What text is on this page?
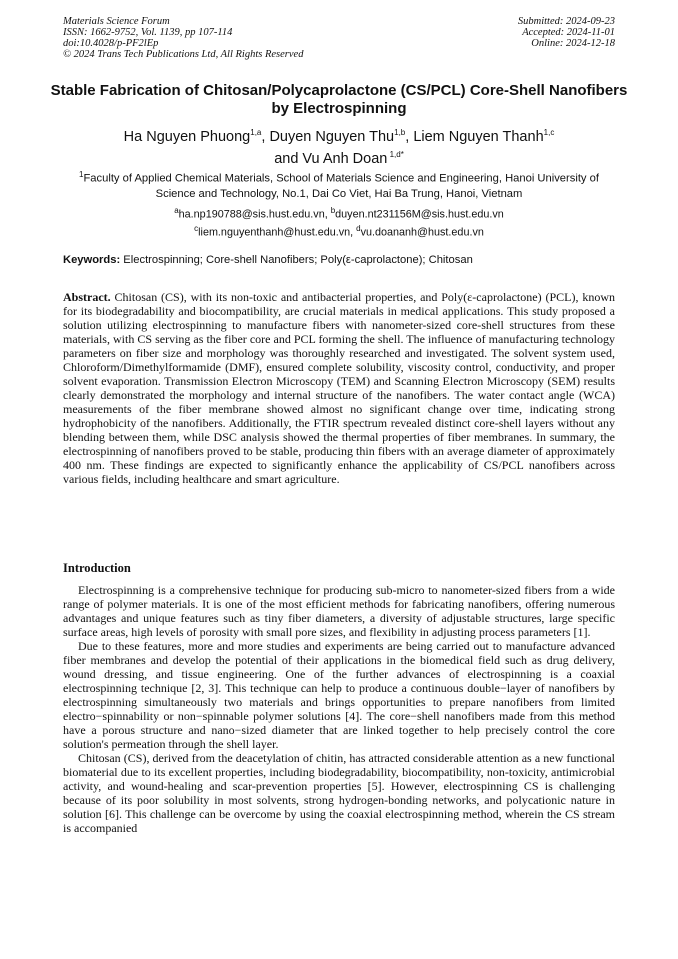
Materials Science Forum
ISSN: 1662-9752, Vol. 1139, pp 107-114
doi:10.4028/p-PF2lEp
© 2024 Trans Tech Publications Ltd, All Rights Reserved
Submitted: 2024-09-23
Accepted: 2024-11-01
Online: 2024-12-18
Stable Fabrication of Chitosan/Polycaprolactone (CS/PCL) Core-Shell Nanofibers by Electrospinning
Ha Nguyen Phuong$^{1,a}$, Duyen Nguyen Thu$^{1,b}$, Liem Nguyen Thanh$^{1,c}$
and Vu Anh Doan $^{1,d*}$
$^1$Faculty of Applied Chemical Materials, School of Materials Science and Engineering, Hanoi University of Science and Technology, No.1, Dai Co Viet, Hai Ba Trung, Hanoi, Vietnam
$^a$ha.np190788@sis.hust.edu.vn, $^b$duyen.nt231156M@sis.hust.edu.vn
$^c$liem.nguyenthanh@hust.edu.vn, $^d$vu.doananh@hust.edu.vn
Keywords: Electrospinning; Core-shell Nanofibers; Poly(ε-caprolactone); Chitosan
Abstract. Chitosan (CS), with its non-toxic and antibacterial properties, and Poly(ε-caprolactone) (PCL), known for its biodegradability and biocompatibility, are crucial materials in medical applications. This study proposed a solution utilizing electrospinning to manufacture fibers with nanometer-sized core-shell structures from these materials, with CS serving as the fiber core and PCL forming the shell. The influence of manufacturing technology parameters on fiber size and morphology was thoroughly researched and investigated. The solvent system used, Chloroform/Dimethylformamide (DMF), ensured complete solubility, viscosity control, conductivity, and proper solvent evaporation. Transmission Electron Microscopy (TEM) and Scanning Electron Microscopy (SEM) results clearly demonstrated the morphology and internal structure of the nanofibers. The water contact angle (WCA) measurements of the fiber membrane showed almost no significant change over time, indicating strong hydrophobicity of the nanofibers. Additionally, the FTIR spectrum revealed distinct core-shell layers without any blending between them, while DSC analysis showed the thermal properties of fiber membranes. In summary, the electrospinning of nanofibers proved to be stable, producing thin fibers with an average diameter of approximately 400 nm. These findings are expected to significantly enhance the applicability of CS/PCL nanofibers across various fields, including healthcare and smart agriculture.
Introduction

Electrospinning is a comprehensive technique for producing sub-micro to nanometer-sized fibers from a wide range of polymer materials. It is one of the most efficient methods for fabricating nanofibers, offering numerous advantages and unique features such as tiny fiber diameters, a diversity of adjustable structures, large specific surface areas, high levels of porosity with small pore sizes, and flexibility in adjusting process parameters [1].

Due to these features, more and more studies and experiments are being carried out to manufacture advanced fiber membranes and develop the potential of their applications in the biomedical field such as drug delivery, wound dressing, and tissue engineering. One of the further advances of electrospinning is a coaxial electrospinning technique [2, 3]. This technique can help to produce a continuous double−layer of nanofibers by electrospinning simultaneously two materials and brings opportunities to prepare nanofibers from limited electro−spinnability or non−spinnable polymer solutions [4]. The core−shell nanofibers made from this method have a porous structure and nano−sized diameter that are linked together to help precisely control the core solution's permeation through the shell layer.

Chitosan (CS), derived from the deacetylation of chitin, has attracted considerable attention as a new functional biomaterial due to its excellent properties, including biodegradability, biocompatibility, non-toxicity, antimicrobial activity, and wound-healing and scar-prevention properties [5]. However, electrospinning CS is challenging because of its poor solubility in most solvents, strong hydrogen-bonding networks, and polycationic nature in solution [6]. This challenge can be overcome by using the coaxial electrospinning method, wherein the CS stream is accompanied
